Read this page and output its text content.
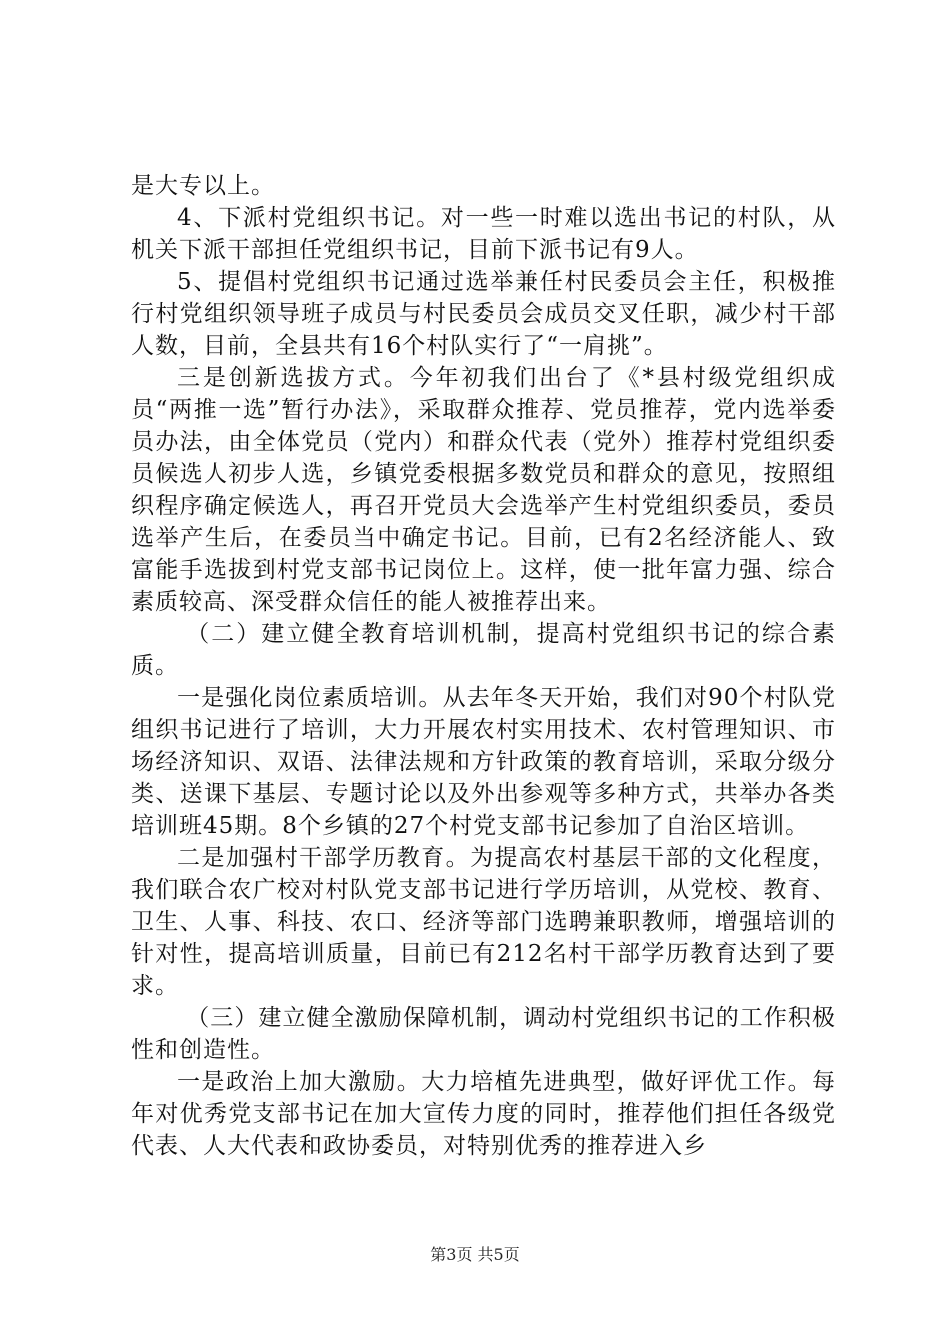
是大专以上。

4、下派村党组织书记。对一些一时难以选出书记的村队，从机关下派干部担任党组织书记，目前下派书记有9人。

5、提倡村党组织书记通过选举兼任村民委员会主任，积极推行村党组织领导班子成员与村民委员会成员交叉任职，减少村干部人数，目前，全县共有16个村队实行了“一肩挑”。

三是创新选拔方式。今年初我们出台了《*县村级党组织成员“两推一选”暂行办法》，采取群众推荐、党员推荐，党内选举委员办法，由全体党员（党内）和群众代表（党外）推荐村党组织委员候选人初步人选，乡镇党委根据多数党员和群众的意见，按照组织程序确定候选人，再召开党员大会选举产生村党组织委员，委员选举产生后，在委员当中确定书记。目前，已有2名经济能人、致富能手选拔到村党支部书记岗位上。这样，使一批年富力强、综合素质较高、深受群众信任的能人被推荐出来。

（二）建立健全教育培训机制，提高村党组织书记的综合素质。

一是强化岗位素质培训。从去年冬天开始，我们对90个村队党组织书记进行了培训，大力开展农村实用技术、农村管理知识、市场经济知识、双语、法律法规和方针政策的教育培训，采取分级分类、送课下基层、专题讨论以及外出参观等多种方式，共举办各类培训班45期。8个乡镇的27个村党支部书记参加了自治区培训。

二是加强村干部学历教育。为提高农村基层干部的文化程度，我们联合农广校对村队党支部书记进行学历培训，从党校、教育、卫生、人事、科技、农口、经济等部门选聘兼职教师，增强培训的针对性，提高培训质量，目前已有212名村干部学历教育达到了要求。

（三）建立健全激励保障机制，调动村党组织书记的工作积极性和创造性。

一是政治上加大激励。大力培植先进典型，做好评优工作。每年对优秀党支部书记在加大宣传力度的同时，推荐他们担任各级党代表、人大代表和政协委员，对特别优秀的推荐进入乡

第3页 共5页
